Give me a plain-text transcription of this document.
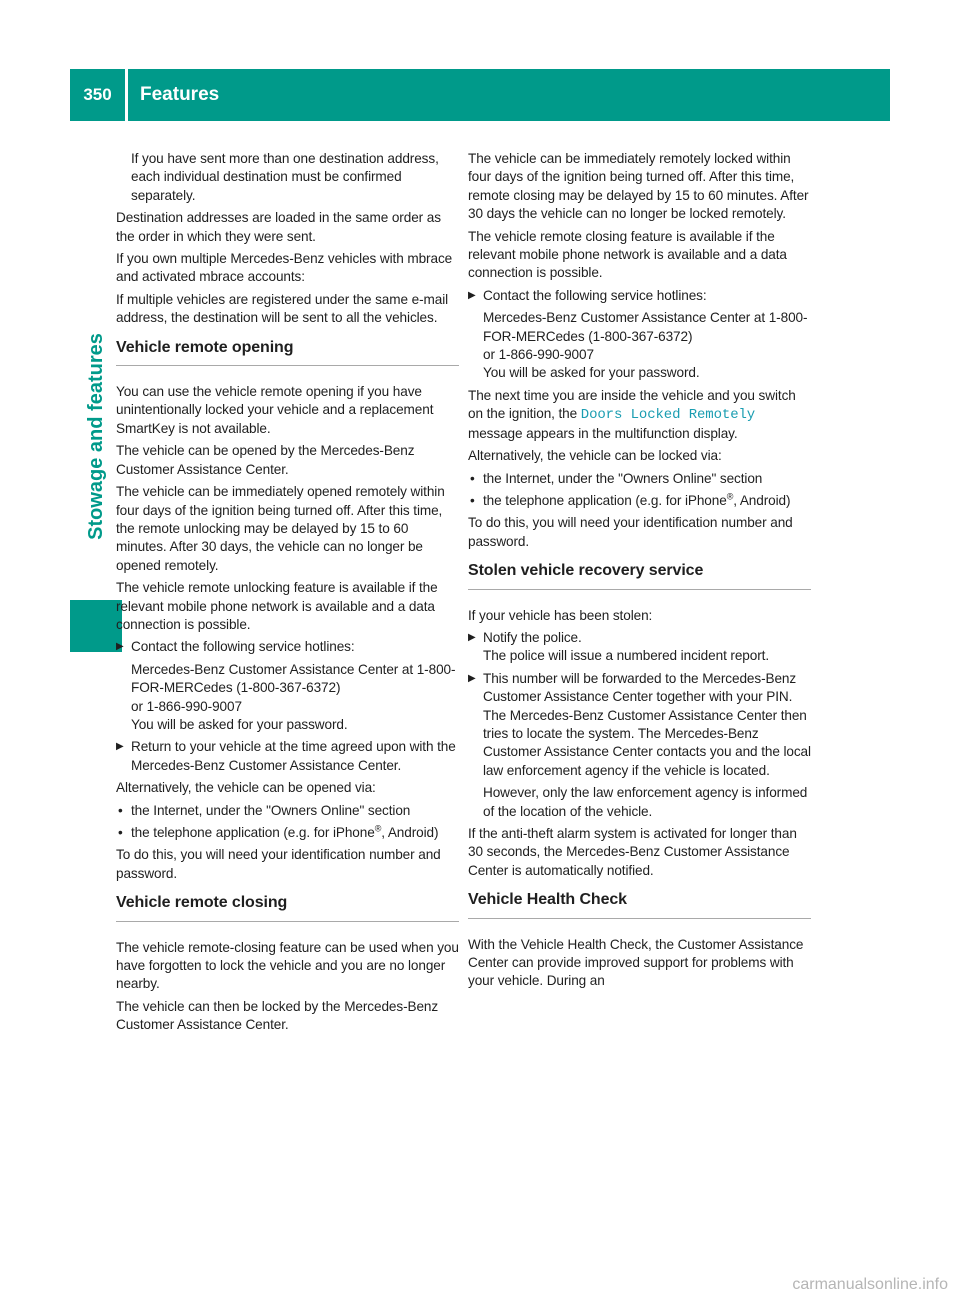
350	Features
Stowage and features

If you have sent more than one destination address, each individual destination must be confirmed separately.

Destination addresses are loaded in the same order as the order in which they were sent.

If you own multiple Mercedes-Benz vehicles with mbrace and activated mbrace accounts:

If multiple vehicles are registered under the same e-mail address, the destination will be sent to all the vehicles.

Vehicle remote opening

You can use the vehicle remote opening if you have unintentionally locked your vehicle and a replacement SmartKey is not available.

The vehicle can be opened by the Mercedes-Benz Customer Assistance Center.

The vehicle can be immediately opened remotely within four days of the ignition being turned off. After this time, the remote unlocking may be delayed by 15 to 60 minutes. After 30 days, the vehicle can no longer be opened remotely.

The vehicle remote unlocking feature is available if the relevant mobile phone network is available and a data connection is possible.

▶ Contact the following service hotlines:

Mercedes-Benz Customer Assistance Center at 1-800-FOR-MERCedes (1-800-367-6372)
or 1-866-990-9007
You will be asked for your password.

▶ Return to your vehicle at the time agreed upon with the Mercedes-Benz Customer Assistance Center.

Alternatively, the vehicle can be opened via:

• the Internet, under the "Owners Online" section

• the telephone application (e.g. for iPhone®, Android)

To do this, you will need your identification number and password.

Vehicle remote closing

The vehicle remote-closing feature can be used when you have forgotten to lock the vehicle and you are no longer nearby.

The vehicle can then be locked by the Mercedes-Benz Customer Assistance Center.

The vehicle can be immediately remotely locked within four days of the ignition being turned off. After this time, remote closing may be delayed by 15 to 60 minutes. After 30 days the vehicle can no longer be locked remotely.

The vehicle remote closing feature is available if the relevant mobile phone network is available and a data connection is possible.

▶ Contact the following service hotlines:

Mercedes-Benz Customer Assistance Center at 1-800-FOR-MERCedes (1-800-367-6372)
or 1-866-990-9007
You will be asked for your password.

The next time you are inside the vehicle and you switch on the ignition, the Doors Locked Remotely message appears in the multifunction display.

Alternatively, the vehicle can be locked via:

• the Internet, under the "Owners Online" section

• the telephone application (e.g. for iPhone®, Android)

To do this, you will need your identification number and password.

Stolen vehicle recovery service

If your vehicle has been stolen:

▶ Notify the police.
The police will issue a numbered incident report.

▶ This number will be forwarded to the Mercedes-Benz Customer Assistance Center together with your PIN.
The Mercedes-Benz Customer Assistance Center then tries to locate the system. The Mercedes-Benz Customer Assistance Center contacts you and the local law enforcement agency if the vehicle is located.

However, only the law enforcement agency is informed of the location of the vehicle.

If the anti-theft alarm system is activated for longer than 30 seconds, the Mercedes-Benz Customer Assistance Center is automatically notified.

Vehicle Health Check

With the Vehicle Health Check, the Customer Assistance Center can provide improved support for problems with your vehicle. During an

carmanualsonline.info
